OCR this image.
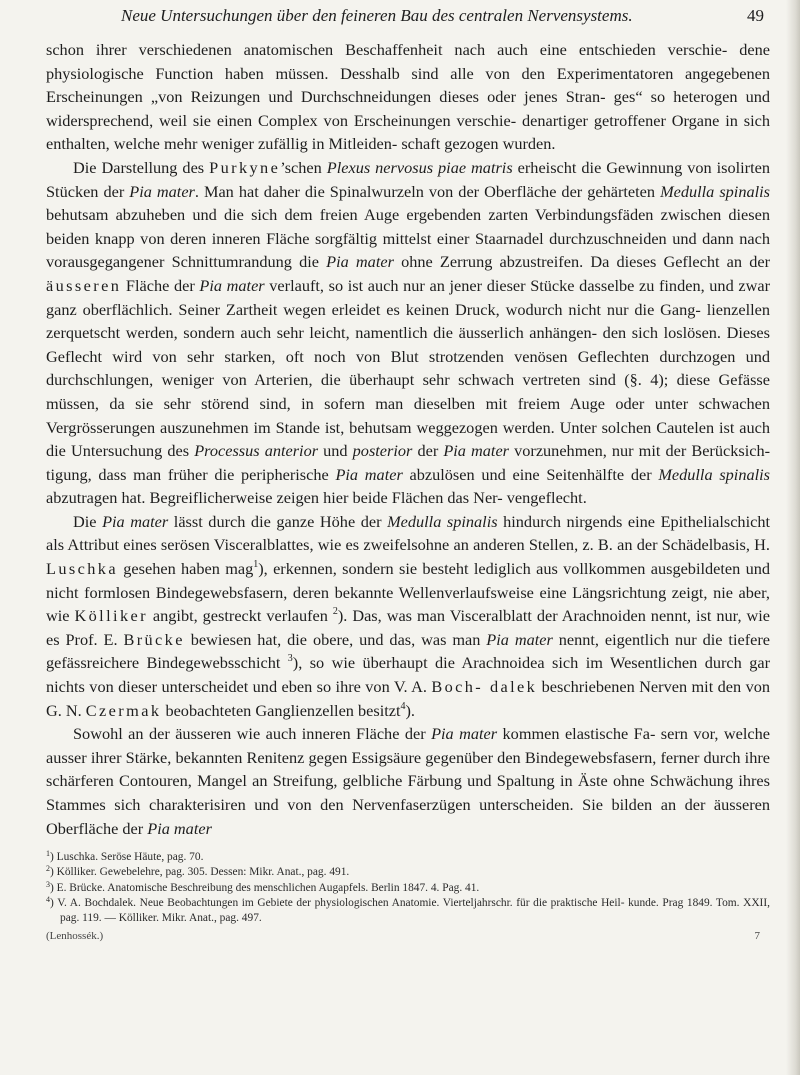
Neue Untersuchungen über den feineren Bau des centralen Nervensystems.	49

schon ihrer verschiedenen anatomischen Beschaffenheit nach auch eine entschieden verschie- dene physiologische Function haben müssen. Desshalb sind alle von den Experimentatoren angegebenen Erscheinungen „von Reizungen und Durchschneidungen dieses oder jenes Stran- ges“ so heterogen und widersprechend, weil sie einen Complex von Erscheinungen verschie- denartiger getroffener Organe in sich enthalten, welche mehr weniger zufällig in Mitleiden- schaft gezogen wurden.

Die Darstellung des Purkyne’schen Plexus nervosus piae matris erheischt die Gewinnung von isolirten Stücken der Pia mater. Man hat daher die Spinalwurzeln von der Oberfläche der gehärteten Medulla spinalis behutsam abzuheben und die sich dem freien Auge ergebenden zarten Verbindungsfäden zwischen diesen beiden knapp von deren inneren Fläche sorgfältig mittelst einer Staarnadel durchzuschneiden und dann nach vorausgegangener Schnittumrandung die Pia mater ohne Zerrung abzustreifen. Da dieses Geflecht an der äusseren Fläche der Pia mater verlauft, so ist auch nur an jener dieser Stücke dasselbe zu finden, und zwar ganz oberflächlich. Seiner Zartheit wegen erleidet es keinen Druck, wodurch nicht nur die Gang- lienzellen zerquetscht werden, sondern auch sehr leicht, namentlich die äusserlich anhängen- den sich loslösen. Dieses Geflecht wird von sehr starken, oft noch von Blut strotzenden venösen Geflechten durchzogen und durchschlungen, weniger von Arterien, die überhaupt sehr schwach vertreten sind (§. 4); diese Gefässe müssen, da sie sehr störend sind, in sofern man dieselben mit freiem Auge oder unter schwachen Vergrösserungen auszunehmen im Stande ist, behutsam weggezogen werden. Unter solchen Cautelen ist auch die Untersuchung des Processus anterior und posterior der Pia mater vorzunehmen, nur mit der Berücksich- tigung, dass man früher die peripherische Pia mater abzulösen und eine Seitenhälfte der Medulla spinalis abzutragen hat. Begreiflicherweise zeigen hier beide Flächen das Ner- vengeflecht.

Die Pia mater lässt durch die ganze Höhe der Medulla spinalis hindurch nirgends eine Epithelialschicht als Attribut eines serösen Visceralblattes, wie es zweifelsohne an anderen Stellen, z. B. an der Schädelbasis, H. Luschka gesehen haben mag$^1$), erkennen, sondern sie besteht lediglich aus vollkommen ausgebildeten und nicht formlosen Bindegewebsfasern, deren bekannte Wellenverlaufsweise eine Längsrichtung zeigt, nie aber, wie Kölliker angibt, gestreckt verlaufen $^2$). Das, was man Visceralblatt der Arachnoiden nennt, ist nur, wie es Prof. E. Brücke bewiesen hat, die obere, und das, was man Pia mater nennt, eigentlich nur die tiefere gefässreichere Bindegewebsschicht $^3$), so wie überhaupt die Arachnoidea sich im Wesentlichen durch gar nichts von dieser unterscheidet und eben so ihre von V. A. Boch- dalek beschriebenen Nerven mit den von G. N. Czermak beobachteten Ganglienzellen besitzt$^4$).

Sowohl an der äusseren wie auch inneren Fläche der Pia mater kommen elastische Fa- sern vor, welche ausser ihrer Stärke, bekannten Renitenz gegen Essigsäure gegenüber den Bindegewebsfasern, ferner durch ihre schärferen Contouren, Mangel an Streifung, gelbliche Färbung und Spaltung in Äste ohne Schwächung ihres Stammes sich charakterisiren und von den Nervenfaserzügen unterscheiden. Sie bilden an der äusseren Oberfläche der Pia mater

$^1$) Luschka. Seröse Häute, pag. 70.
$^2$) Kölliker. Gewebelehre, pag. 305. Dessen: Mikr. Anat., pag. 491.
$^3$) E. Brücke. Anatomische Beschreibung des menschlichen Augapfels. Berlin 1847. 4. Pag. 41.
$^4$) V. A. Bochdalek. Neue Beobachtungen im Gebiete der physiologischen Anatomie. Vierteljahrschr. für die praktische Heil- kunde. Prag 1849. Tom. XXII, pag. 119. — Kölliker. Mikr. Anat., pag. 497.
(Lenhossék.)	7
